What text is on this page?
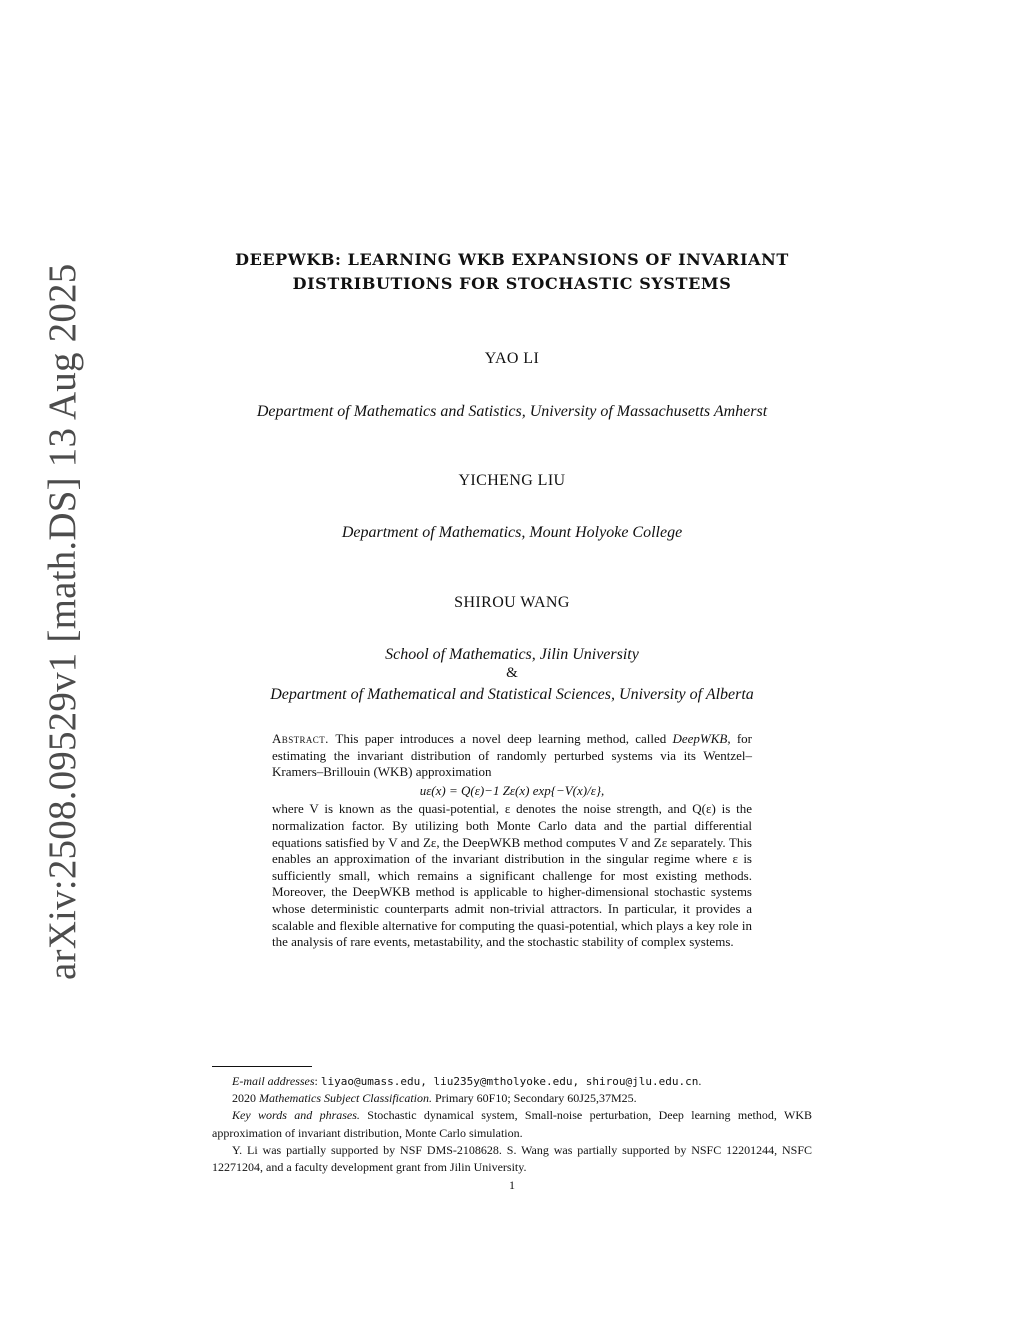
arXiv:2508.09529v1 [math.DS] 13 Aug 2025
DEEPWKB: LEARNING WKB EXPANSIONS OF INVARIANT
DISTRIBUTIONS FOR STOCHASTIC SYSTEMS
YAO LI
Department of Mathematics and Satistics, University of Massachusetts Amherst
YICHENG LIU
Department of Mathematics, Mount Holyoke College
SHIROU WANG
School of Mathematics, Jilin University
&
Department of Mathematical and Statistical Sciences, University of Alberta
Abstract. This paper introduces a novel deep learning method, called DeepWKB, for estimating the invariant distribution of randomly perturbed systems via its Wentzel–Kramers–Brillouin (WKB) approximation

uε(x) = Q(ε)−1 Zε(x) exp{−V(x)/ε},

where V is known as the quasi-potential, ε denotes the noise strength, and Q(ε) is the normalization factor. By utilizing both Monte Carlo data and the partial differential equations satisfied by V and Zε, the DeepWKB method computes V and Zε separately. This enables an approximation of the invariant distribution in the singular regime where ε is sufficiently small, which remains a significant challenge for most existing methods. Moreover, the DeepWKB method is applicable to higher-dimensional stochastic systems whose deterministic counterparts admit non-trivial attractors. In particular, it provides a scalable and flexible alternative for computing the quasi-potential, which plays a key role in the analysis of rare events, metastability, and the stochastic stability of complex systems.

E-mail addresses: liyao@umass.edu, liu235y@mtholyoke.edu, shirou@jlu.edu.cn.

2020 Mathematics Subject Classification. Primary 60F10; Secondary 60J25,37M25.

Key words and phrases. Stochastic dynamical system, Small-noise perturbation, Deep learning method, WKB approximation of invariant distribution, Monte Carlo simulation.

Y. Li was partially supported by NSF DMS-2108628. S. Wang was partially supported by NSFC 12201244, NSFC 12271204, and a faculty development grant from Jilin University.

1
